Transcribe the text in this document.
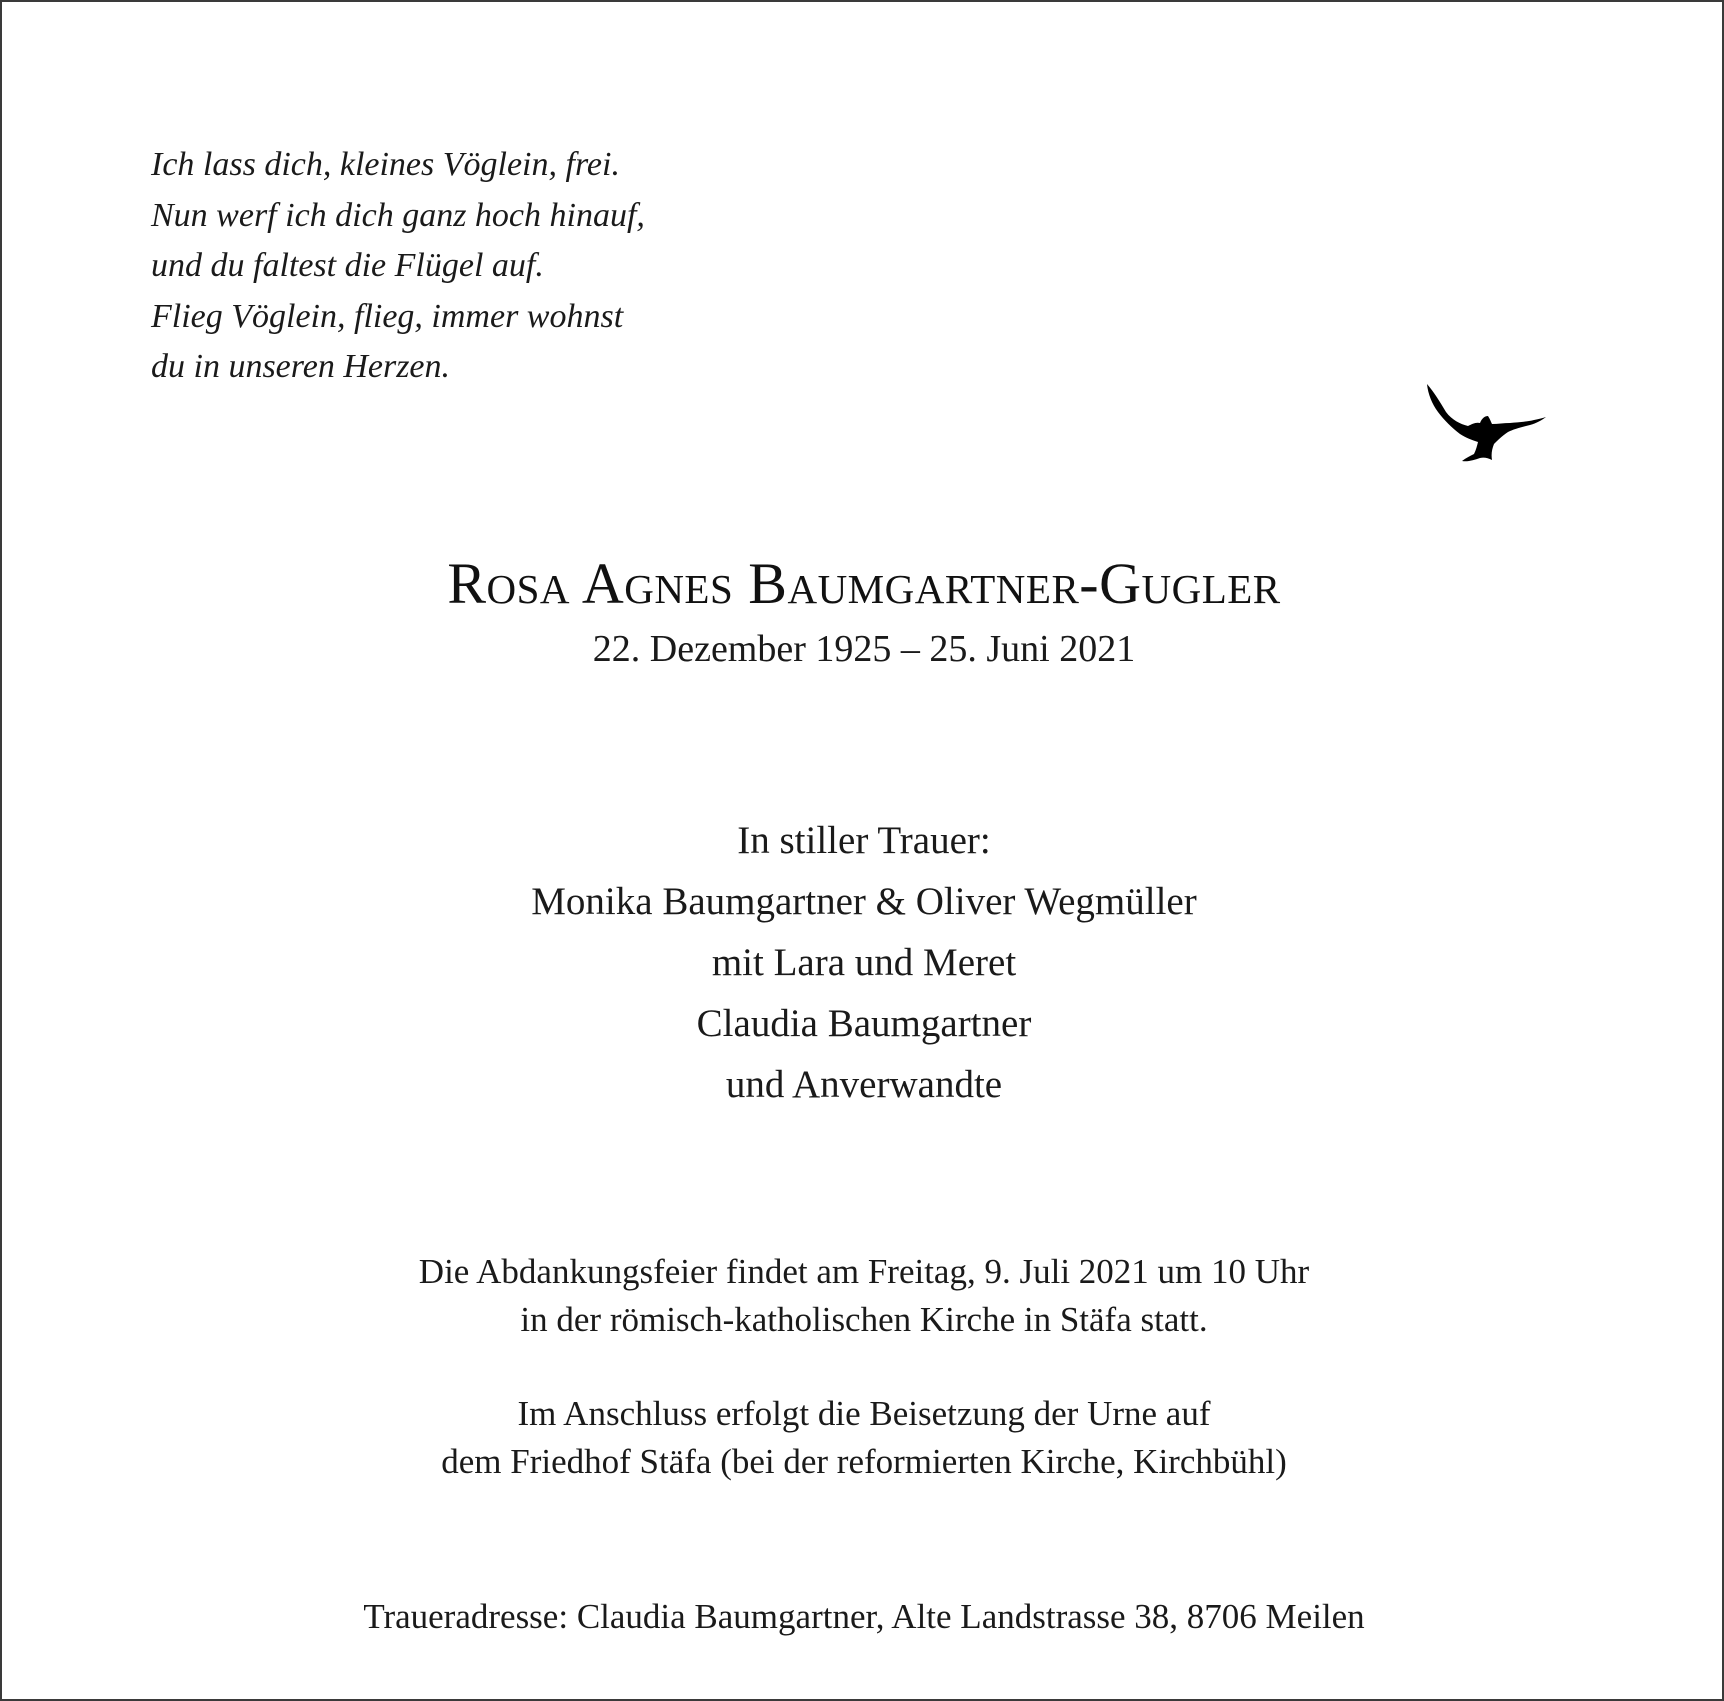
Ich lass dich, kleines Vöglein, frei.
Nun werf ich dich ganz hoch hinauf,
und du faltest die Flügel auf.
Flieg Vöglein, flieg, immer wohnst
du in unseren Herzen.
Rosa Agnes Baumgartner-Gugler
22. Dezember 1925 – 25. Juni 2021
In stiller Trauer:
Monika Baumgartner & Oliver Wegmüller
mit Lara und Meret
Claudia Baumgartner
und Anverwandte
Die Abdankungsfeier findet am Freitag, 9. Juli 2021 um 10 Uhr
in der römisch-katholischen Kirche in Stäfa statt.
Im Anschluss erfolgt die Beisetzung der Urne auf
dem Friedhof Stäfa (bei der reformierten Kirche, Kirchbühl)
Traueradresse: Claudia Baumgartner, Alte Landstrasse 38, 8706 Meilen
